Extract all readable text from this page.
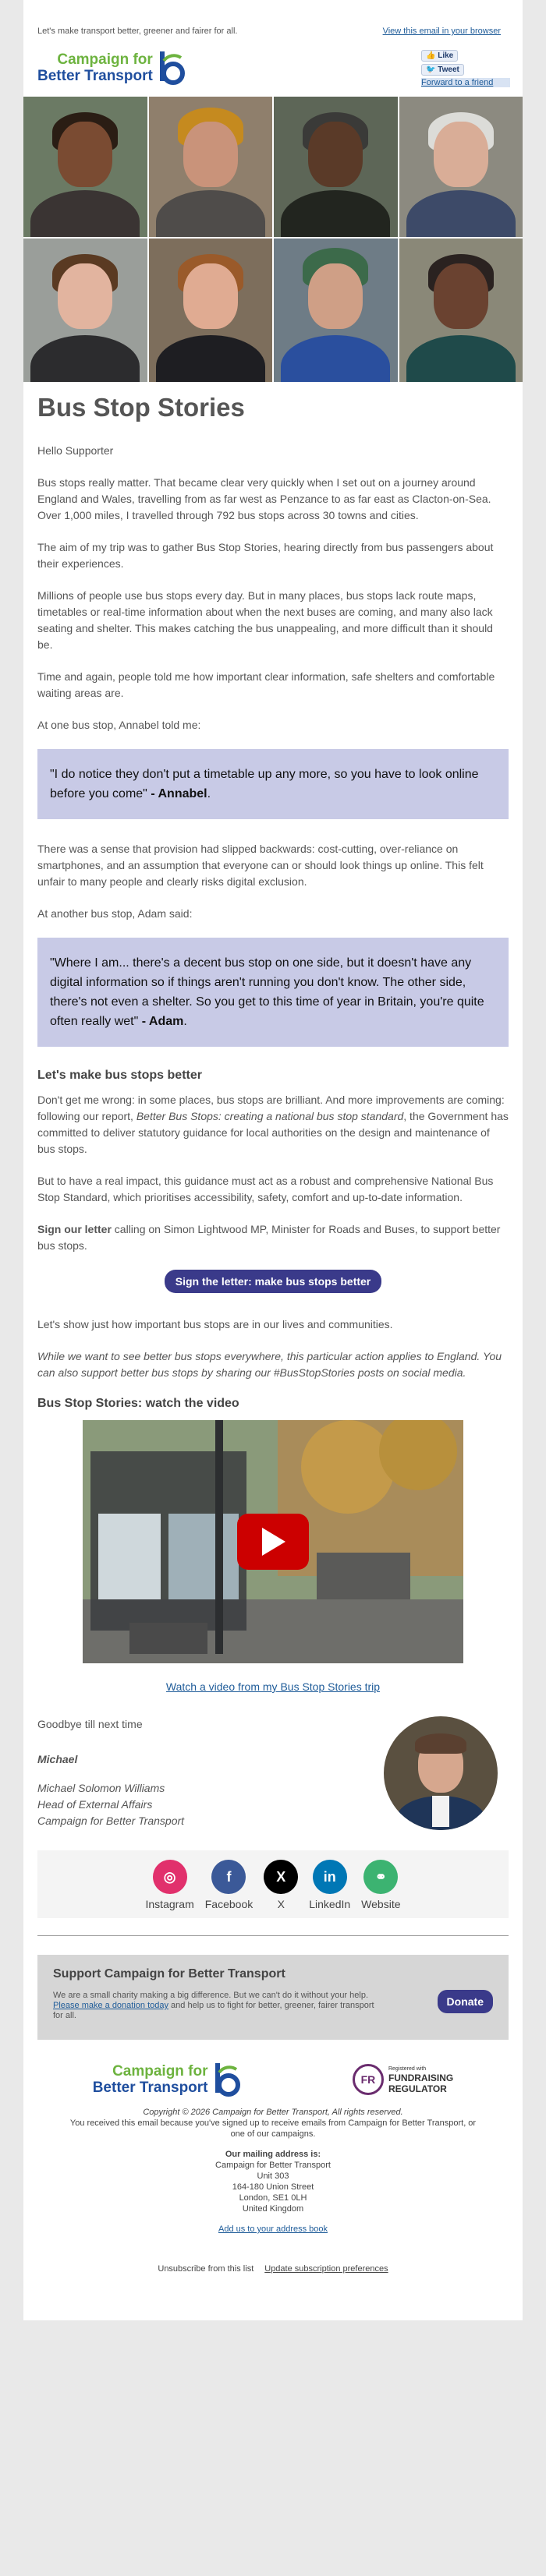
Let's make transport better, greener and fairer for all.	View this email in your browser
Campaign for
Better Transport
👍 Like
🐦 Tweet
Forward to a friend
Bus Stop Stories

Hello Supporter

Bus stops really matter. That became clear very quickly when I set out on a journey around England and Wales, travelling from as far west as Penzance to as far east as Clacton-on-Sea. Over 1,000 miles, I travelled through 792 bus stops across 30 towns and cities.

The aim of my trip was to gather Bus Stop Stories, hearing directly from bus passengers about their experiences.

Millions of people use bus stops every day. But in many places, bus stops lack route maps, timetables or real-time information about when the next buses are coming, and many also lack seating and shelter. This makes catching the bus unappealing, and more difficult than it should be.

Time and again, people told me how important clear information, safe shelters and comfortable waiting areas are.

At one bus stop, Annabel told me:

"I do notice they don't put a timetable up any more, so you have to look online before you come" - Annabel.

There was a sense that provision had slipped backwards: cost-cutting, over-reliance on smartphones, and an assumption that everyone can or should look things up online. This felt unfair to many people and clearly risks digital exclusion.

At another bus stop, Adam said:

"Where I am... there's a decent bus stop on one side, but it doesn't have any digital information so if things aren't running you don't know. The other side, there's not even a shelter. So you get to this time of year in Britain, you're quite often really wet" - Adam.
Let's make bus stops better

Don't get me wrong: in some places, bus stops are brilliant. And more improvements are coming: following our report, Better Bus Stops: creating a national bus stop standard, the Government has committed to deliver statutory guidance for local authorities on the design and maintenance of bus stops.

But to have a real impact, this guidance must act as a robust and comprehensive National Bus Stop Standard, which prioritises accessibility, safety, comfort and up-to-date information.

Sign our letter calling on Simon Lightwood MP, Minister for Roads and Buses, to support better bus stops.

Sign the letter: make bus stops better

Let's show just how important bus stops are in our lives and communities.

While we want to see better bus stops everywhere, this particular action applies to England. You can also support better bus stops by sharing our #BusStopStories posts on social media.

Bus Stop Stories: watch the video
Watch a video from my Bus Stop Stories trip

Goodbye till next time

Michael

Michael Solomon Williams
Head of External Affairs
Campaign for Better Transport

◎
Instagram
f
Facebook
X
X
in
LinkedIn
⚭
Website
Support Campaign for Better Transport

We are a small charity making a big difference. But we can't do it without your help. Please make a donation today and help us to fight for better, greener, fairer transport for all.

Donate
Campaign for
Better Transport	FR
Registered with
FUNDRAISING
REGULATOR
Copyright © 2026 Campaign for Better Transport, All rights reserved.
You received this email because you've signed up to receive emails from Campaign for Better Transport, or one of our campaigns.
Our mailing address is:
Campaign for Better Transport
Unit 303
164-180 Union Street
London, SE1 0LH
United Kingdom
Add us to your address book
Unsubscribe from this list Update subscription preferences
